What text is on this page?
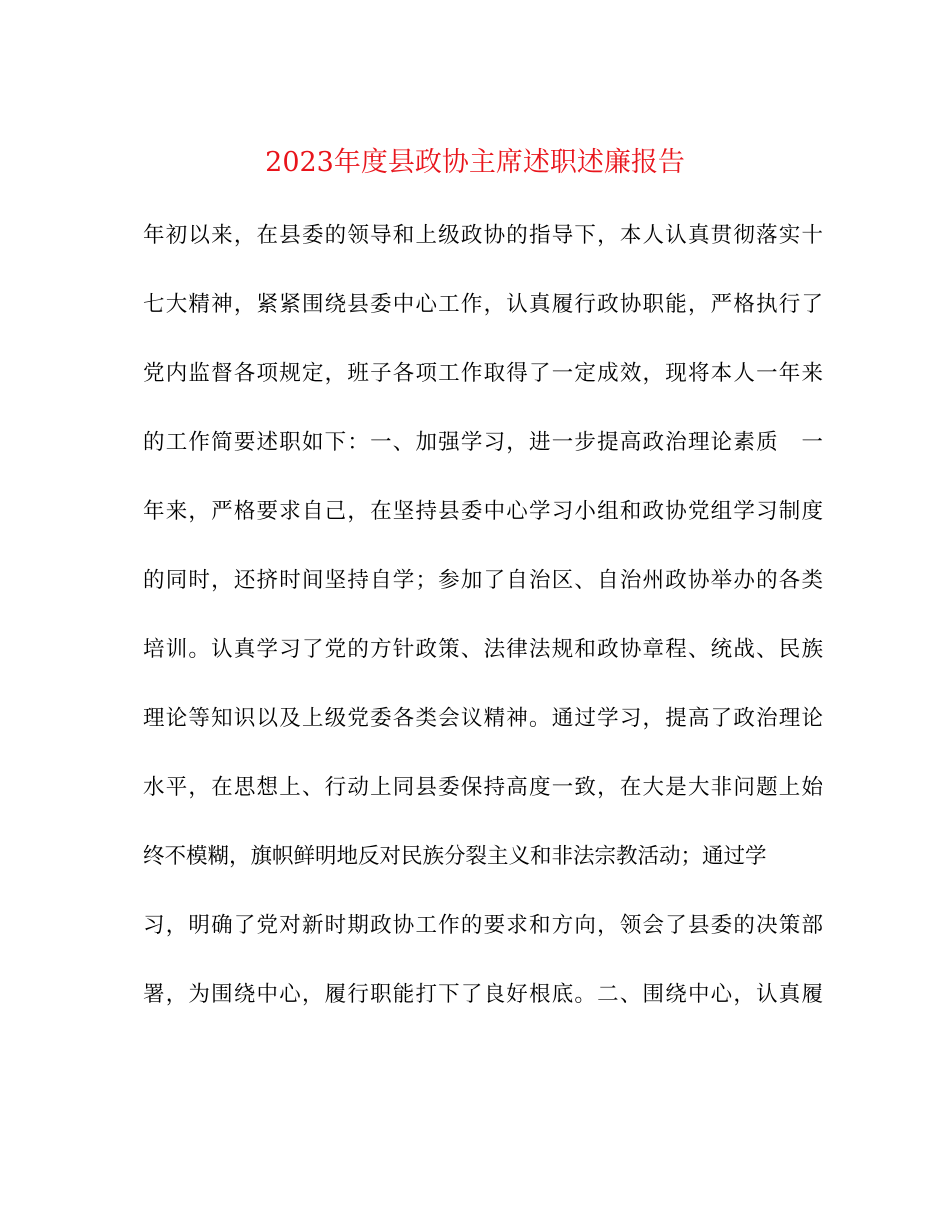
2023年度县政协主席述职述廉报告
年初以来，在县委的领导和上级政协的指导下，本人认真贯彻落实十
七大精神，紧紧围绕县委中心工作，认真履行政协职能，严格执行了
党内监督各项规定，班子各项工作取得了一定成效，现将本人一年来
的工作简要述职如下：一、加强学习，进一步提高政治理论素质　一
年来，严格要求自己，在坚持县委中心学习小组和政协党组学习制度
的同时，还挤时间坚持自学；参加了自治区、自治州政协举办的各类
培训。认真学习了党的方针政策、法律法规和政协章程、统战、民族
理论等知识以及上级党委各类会议精神。通过学习，提高了政治理论
水平，在思想上、行动上同县委保持高度一致，在大是大非问题上始
终不模糊，旗帜鲜明地反对民族分裂主义和非法宗教活动；通过学
习，明确了党对新时期政协工作的要求和方向，领会了县委的决策部
署，为围绕中心，履行职能打下了良好根底。二、围绕中心，认真履
